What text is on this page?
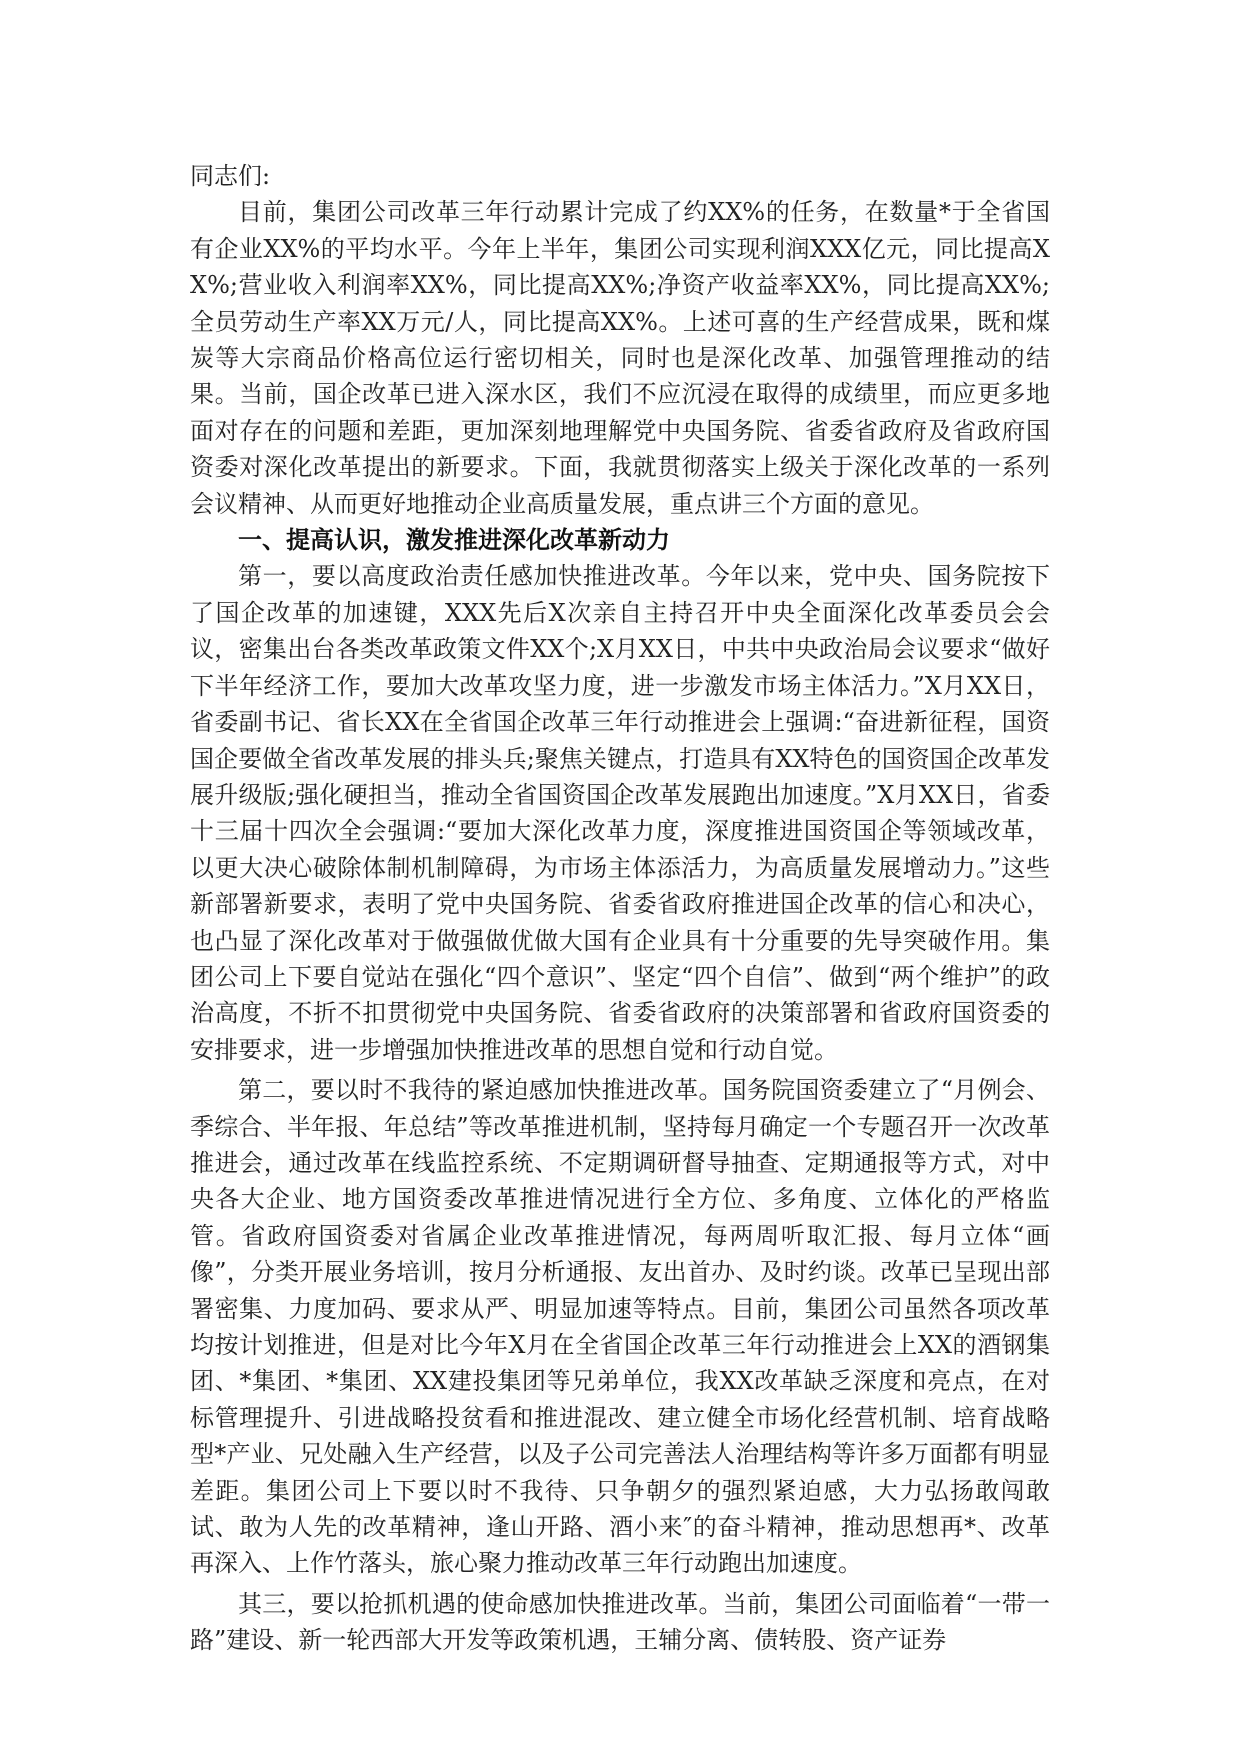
同志们:

目前，集团公司改革三年行动累计完成了约XX%的任务，在数量*于全省国有企业XX%的平均水平。今年上半年，集团公司实现利润XXX亿元，同比提高XX%;营业收入利润率XX%，同比提高XX%;净资产收益率XX%，同比提高XX%;全员劳动生产率XX万元/人，同比提高XX%。上述可喜的生产经营成果，既和煤炭等大宗商品价格高位运行密切相关，同时也是深化改革、加强管理推动的结果。当前，国企改革已进入深水区，我们不应沉浸在取得的成绩里，而应更多地面对存在的问题和差距，更加深刻地理解党中央国务院、省委省政府及省政府国资委对深化改革提出的新要求。下面，我就贯彻落实上级关于深化改革的一系列会议精神、从而更好地推动企业高质量发展，重点讲三个方面的意见。

一、提高认识，激发推进深化改革新动力

第一，要以高度政治责任感加快推进改革。今年以来，党中央、国务院按下了国企改革的加速键，XXX先后X次亲自主持召开中央全面深化改革委员会会议，密集出台各类改革政策文件XX个;X月XX日，中共中央政治局会议要求“做好下半年经济工作，要加大改革攻坚力度，进一步激发市场主体活力。”X月XX日，省委副书记、省长XX在全省国企改革三年行动推进会上强调:“奋进新征程，国资国企要做全省改革发展的排头兵;聚焦关键点，打造具有XX特色的国资国企改革发展升级版;强化硬担当，推动全省国资国企改革发展跑出加速度。”X月XX日，省委十三届十四次全会强调:“要加大深化改革力度，深度推进国资国企等领域改革，以更大决心破除体制机制障碍，为市场主体添活力，为高质量发展增动力。”这些新部署新要求，表明了党中央国务院、省委省政府推进国企改革的信心和决心，也凸显了深化改革对于做强做优做大国有企业具有十分重要的先导突破作用。集团公司上下要自觉站在强化“四个意识”、坚定“四个自信”、做到“两个维护”的政治高度，不折不扣贯彻党中央国务院、省委省政府的决策部署和省政府国资委的安排要求，进一步增强加快推进改革的思想自觉和行动自觉。

第二，要以时不我待的紧迫感加快推进改革。国务院国资委建立了“月例会、季综合、半年报、年总结”等改革推进机制，坚持每月确定一个专题召开一次改革推进会，通过改革在线监控系统、不定期调研督导抽查、定期通报等方式，对中央各大企业、地方国资委改革推进情况进行全方位、多角度、立体化的严格监管。省政府国资委对省属企业改革推进情况，每两周听取汇报、每月立体“画像”，分类开展业务培训，按月分析通报、友出首办、及时约谈。改革已呈现出部署密集、力度加码、要求从严、明显加速等特点。目前，集团公司虽然各项改革均按计划推进，但是对比今年X月在全省国企改革三年行动推进会上XX的酒钢集团、*集团、*集团、XX建投集团等兄弟单位，我XX改革缺乏深度和亮点，在对标管理提升、引进战略投贫看和推进混改、建立健全市场化经营机制、培育战略型*产业、兄处融入生产经营，以及子公司完善法人治理结构等许多万面都有明显差距。集团公司上下要以时不我待、只争朝夕的强烈紧迫感，大力弘扬敢闯敢试、敢为人先的改革精神，逢山开路、酒小来″的奋斗精神，推动思想再*、改革再深入、上作竹落头，旅心聚力推动改革三年行动跑出加速度。

其三，要以抢抓机遇的使命感加快推进改革。当前，集团公司面临着“一带一路”建设、新一轮西部大开发等政策机遇，王辅分离、债转股、资产证券
